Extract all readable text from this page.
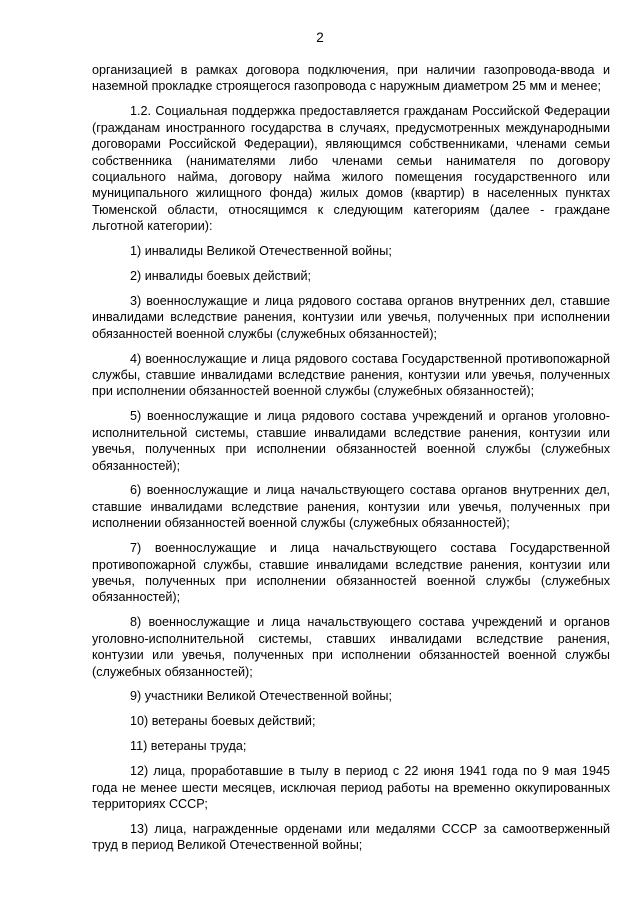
2

организацией в рамках договора подключения, при наличии газопровода-ввода и наземной прокладке строящегося газопровода с наружным диаметром 25 мм и менее;

1.2. Социальная поддержка предоставляется гражданам Российской Федерации (гражданам иностранного государства в случаях, предусмотренных международными договорами Российской Федерации), являющимся собственниками, членами семьи собственника (нанимателями либо членами семьи нанимателя по договору социального найма, договору найма жилого помещения государственного или муниципального жилищного фонда) жилых домов (квартир) в населенных пунктах Тюменской области, относящимся к следующим категориям (далее - граждане льготной категории):

1) инвалиды Великой Отечественной войны;

2) инвалиды боевых действий;

3) военнослужащие и лица рядового состава органов внутренних дел, ставшие инвалидами вследствие ранения, контузии или увечья, полученных при исполнении обязанностей военной службы (служебных обязанностей);

4) военнослужащие и лица рядового состава Государственной противопожарной службы, ставшие инвалидами вследствие ранения, контузии или увечья, полученных при исполнении обязанностей военной службы (служебных обязанностей);

5) военнослужащие и лица рядового состава учреждений и органов уголовно-исполнительной системы, ставшие инвалидами вследствие ранения, контузии или увечья, полученных при исполнении обязанностей военной службы (служебных обязанностей);

6) военнослужащие и лица начальствующего состава органов внутренних дел, ставшие инвалидами вследствие ранения, контузии или увечья, полученных при исполнении обязанностей военной службы (служебных обязанностей);

7) военнослужащие и лица начальствующего состава Государственной противопожарной службы, ставшие инвалидами вследствие ранения, контузии или увечья, полученных при исполнении обязанностей военной службы (служебных обязанностей);

8) военнослужащие и лица начальствующего состава учреждений и органов уголовно-исполнительной системы, ставших инвалидами вследствие ранения, контузии или увечья, полученных при исполнении обязанностей военной службы (служебных обязанностей);

9) участники Великой Отечественной войны;

10) ветераны боевых действий;

11) ветераны труда;

12) лица, проработавшие в тылу в период с 22 июня 1941 года по 9 мая 1945 года не менее шести месяцев, исключая период работы на временно оккупированных территориях СССР;

13) лица, награжденные орденами или медалями СССР за самоотверженный труд в период Великой Отечественной войны;
